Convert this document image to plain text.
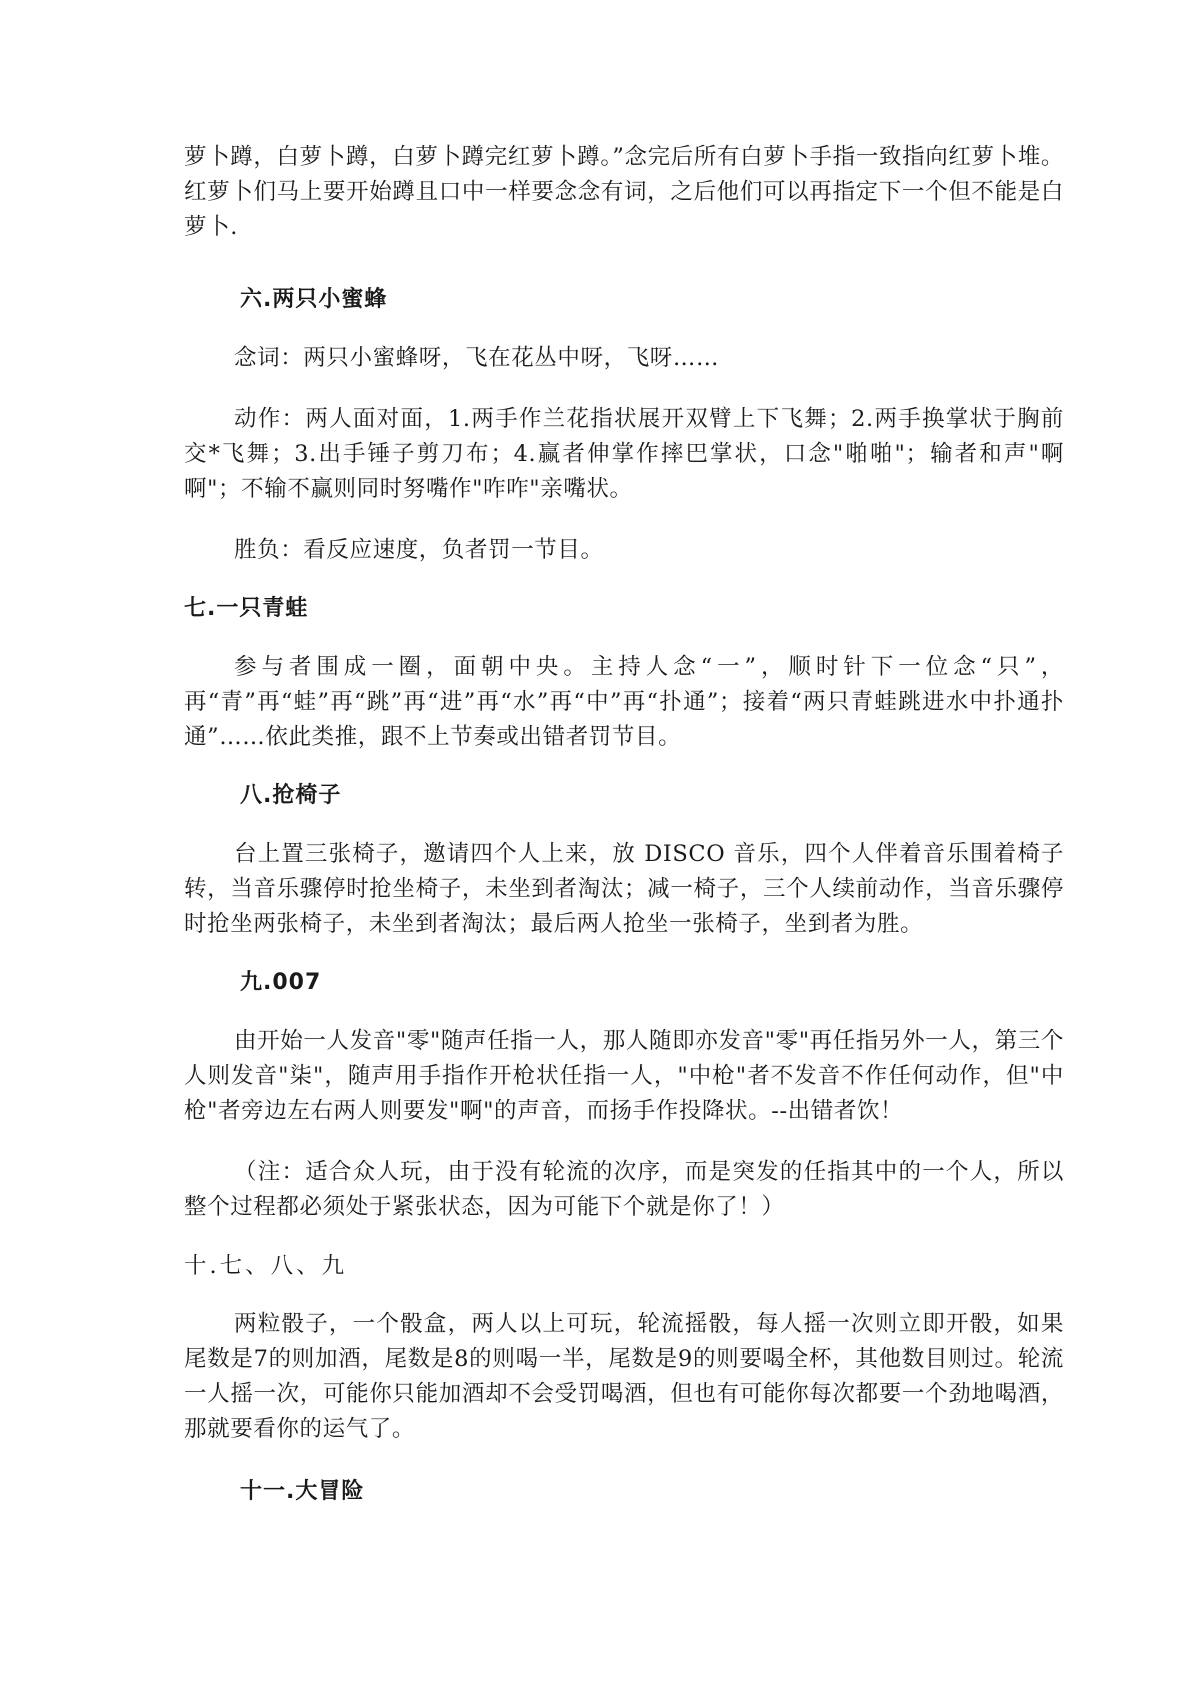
萝卜蹲，白萝卜蹲，白萝卜蹲完红萝卜蹲。”念完后所有白萝卜手指一致指向红萝卜堆。红萝卜们马上要开始蹲且口中一样要念念有词，之后他们可以再指定下一个但不能是白萝卜.

六.两只小蜜蜂

念词：两只小蜜蜂呀，飞在花丛中呀，飞呀……

动作：两人面对面，1.两手作兰花指状展开双臂上下飞舞；2.两手换掌状于胸前交*飞舞；3.出手锤子剪刀布；4.赢者伸掌作摔巴掌状，口念"啪啪"；输者和声"啊啊"；不输不赢则同时努嘴作"咋咋"亲嘴状。

胜负：看反应速度，负者罚一节目。

七.一只青蛙

参与者围成一圈，面朝中央。主持人念“一”，顺时针下一位念“只”，再“青”再“蛙”再“跳”再“进”再“水”再“中”再“扑通”；接着“两只青蛙跳进水中扑通扑通”……依此类推，跟不上节奏或出错者罚节目。

八.抢椅子

台上置三张椅子，邀请四个人上来，放 DISCO 音乐，四个人伴着音乐围着椅子转，当音乐骤停时抢坐椅子，未坐到者淘汰；减一椅子，三个人续前动作，当音乐骤停时抢坐两张椅子，未坐到者淘汰；最后两人抢坐一张椅子，坐到者为胜。

九.007

由开始一人发音"零"随声任指一人，那人随即亦发音"零"再任指另外一人，第三个人则发音"柒"，随声用手指作开枪状任指一人，"中枪"者不发音不作任何动作，但"中枪"者旁边左右两人则要发"啊"的声音，而扬手作投降状。--出错者饮！

（注：适合众人玩，由于没有轮流的次序，而是突发的任指其中的一个人，所以整个过程都必须处于紧张状态，因为可能下个就是你了！）

十.七、八、九

两粒骰子，一个骰盒，两人以上可玩，轮流摇骰，每人摇一次则立即开骰，如果尾数是7的则加酒，尾数是8的则喝一半，尾数是9的则要喝全杯，其他数目则过。轮流一人摇一次，可能你只能加酒却不会受罚喝酒，但也有可能你每次都要一个劲地喝酒，那就要看你的运气了。

十一.大冒险
